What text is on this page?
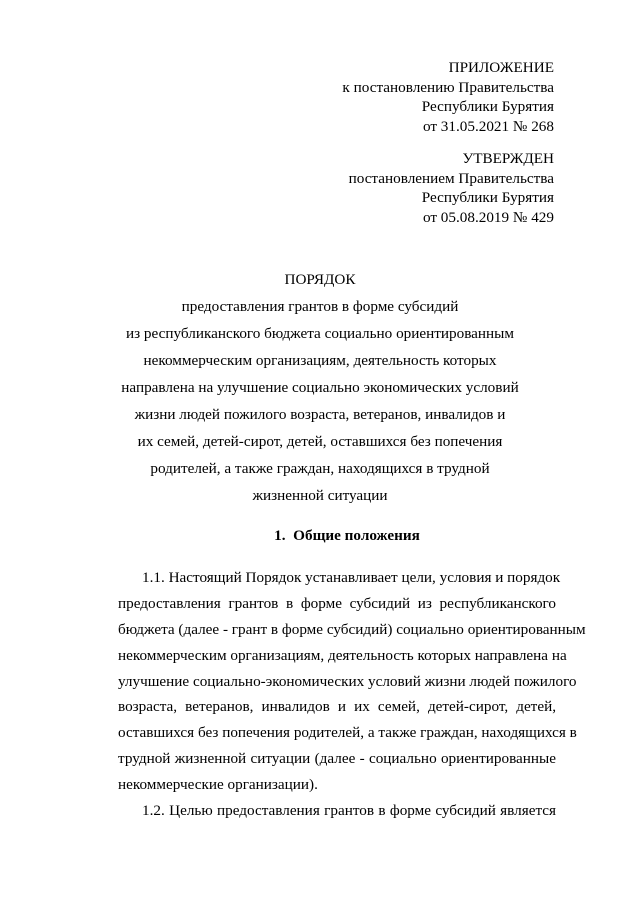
ПРИЛОЖЕНИЕ
к постановлению Правительства
Республики Бурятия
от 31.05.2021 № 268
УТВЕРЖДЕН
постановлением Правительства
Республики Бурятия
от 05.08.2019 № 429
ПОРЯДОК
предоставления грантов в форме субсидий
из республиканского бюджета социально ориентированным
некоммерческим организациям, деятельность которых
направлена на улучшение социально экономических условий
жизни людей пожилого возраста, ветеранов, инвалидов и
их семей, детей-сирот, детей, оставшихся без попечения
родителей, а также граждан, находящихся в трудной
жизненной ситуации
1.  Общие положения
1.1. Настоящий Порядок устанавливает цели, условия и порядок
предоставления грантов в форме субсидий из республиканского
бюджета (далее - грант в форме субсидий) социально ориентированным
некоммерческим организациям, деятельность которых направлена на
улучшение социально-экономических условий жизни людей пожилого
возраста, ветеранов, инвалидов и их семей, детей-сирот, детей,
оставшихся без попечения родителей, а также граждан, находящихся в
трудной жизненной ситуации (далее - социально ориентированные
некоммерческие организации).
1.2. Целью предоставления грантов в форме субсидий является
